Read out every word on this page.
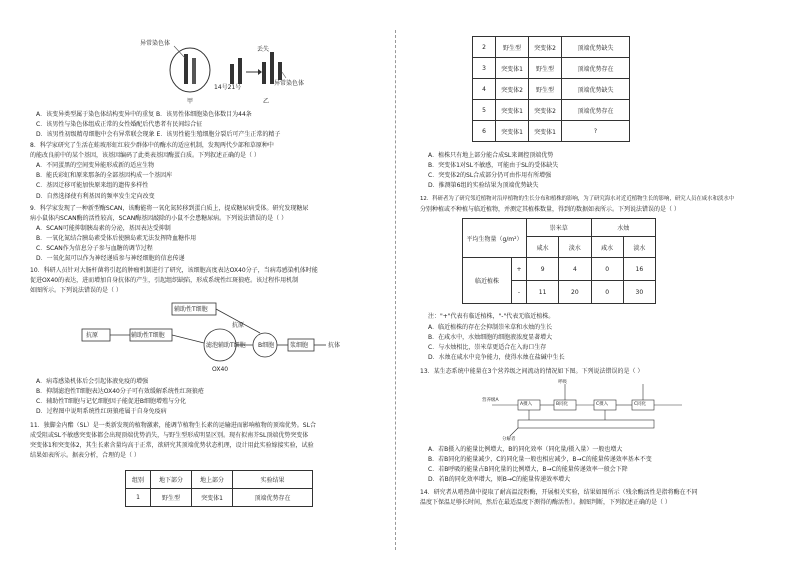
异常染色体
丢失
14号21号
异常染色体
甲	乙
A．该变异类型属于染色体结构变异中的重复 B．该男性体细胞染色体数目为44条
C．该男性与染色体组成正常的女性婚配后代患者有民间综合征
D．该男性初级精母细胞中会有异常联会现象 E．该男性能生殖细胞分裂后可产生正常的精子
8．科学家研究了生活在蛙坡形虹红较少群体中的酶水的适应机制，发现两代少部和草原种中
的能改良前中的某个基因，该基因编码了此类表基因酶蛋白质。下列叙述正确的是（ ）
A．不同蛋黑的空间变异能形成新的适应生物
B．能氏彩虹和原来那条的全部基因构成一个基因库
C．基因迁移可能加快原来组的遗传多样性
D．自然选择使有利基因的频率发生定向改变
9．科学家发现了一种新型酶SCAN，该酶能将一氧化氮转移到蛋白质上，提成糖尿病受体。研究发现糖尿
病小鼠体内SCAN酶的活性较高，SCAN酶基因敲除的小鼠不会患糖尿病。下列说法错误的是（ ）
A．SCAN可能抑制胰岛素的分泌，基因表达受抑制
B．一氧化氮结合胰岛素受体后使胰岛素无法发挥降血糖作用
C．SCAN作为信息分子参与血糖的调节过程
D．一氧化氮可以作为神经递质参与神经细胞的信息传递
10．科研人员针对大肠杆菌将引起的肿瘤机制进行了研究，该细胞高度表达OX40分子，当病毒感染机体时能
促进OX40的表达，进而增加自身抗体的产生，引起组织缺陷，形成系统性红斑狼疮。该过程作用机制
如图所示。下列说法错误的是（ ）
抗原	辅助性T细胞
辅助性T细胞
抗原
滤泡辅助T细胞 B细胞	浆细胞	抗体
OX40
A．病毒感染机体后会引起体液免疫的增强
B．抑制滤泡性T细胞表达OX40分子可有效缓解系统性红斑狼疮
C．辅助性T细胞与记忆细胞因子能促进B细胞增殖与分化
D．过程图中说明系统性红斑狼疮属于自身免疫病
11．独脚金内酯（SL）是一类新发现的植物激素，能调节植物生长素的运输进而影响植物的顶端优势。SL合
成受阻或SL不敏感突变体都会出现顶端优势消失，与野生型形成明显区别。现有拟南芥SL顶端优势突变体
突变体1和突变体2，其生长素含量均高于正常，欲研究其顶端优势状态机理，设计用此实验嫁接实验，试验
结果如表所示。据表分析，合理的是（ ）
组别	地下部分	地上部分	实验结果
1	野生型	突变体1	顶端优势存在
2	野生型	突变体2	顶端优势缺失
3	突变体1	野生型	顶端优势存在
4	突变体2	野生型	顶端优势缺失
5	突变体1	突变体2	顶端优势存在
6	突变体1	突变体1	?
A．植株只有地上部分能合成SL来调控顶端优势
B．突变体1对SL不敏感，可能由于SL的受体缺失
C．突变体2的SL合成部分仍可由作用有所增强
D．推测第6组的实验结果为顶端优势缺失
12．科研者为了研究邻近植物对沿岸植物的生长分布和植株的影响，为了研究海水对近近植物生长的影响，研究人员在咸水和淡水中
分别种植或不种植与临近植物，并测定其植株数量，得到的数据如表所示。下列说法错误的是（ ）
平均生物量（g/m²）		崇米草		水烛	
		咸水	淡水	咸水	淡水
临近植株	+	9	4	0	16
	-	11	20	0	30
注："+"代表有临近植株，"-"代表无临近植株。
A．临近植株的存在会抑制崇米草和水烛的生长
B．在咸水中，水烛细胞的细胞液浓度显著增大
C．与水烛相比，崇米草更适合在入海口生存
D．水烛在咸水中竞争能力，使得水烛在盐碱中生长
13．某生态系统中能量在3个营养级之间流动的情况如下图。下列说法错误的是（ ）
营养级A
A摄入	B同化	C摄入	C同化
呼吸
分解者
A．若B摄入的能量比例增大，B的同化效率（同化量/摄入量）一般也增大
B．若B同化的能量减少，C的同化量一般也相应减少，B→C的能量传递效率基本不变
C．若B呼吸的能量占B同化量的比例增大，B→C的能量传递效率一般会下降
D．若B的同化效率增大，则B→C的能量传递效率增大
14．研究者从嗜热菌中提取了耐高温淀粉酶，开展相关实验，结果如图所示（残余酶活性是指将酶在不同
温度下保温足够长时间，然后在最适温度下测得的酶活性）。据图判断，下列叙述正确的是（ ）
